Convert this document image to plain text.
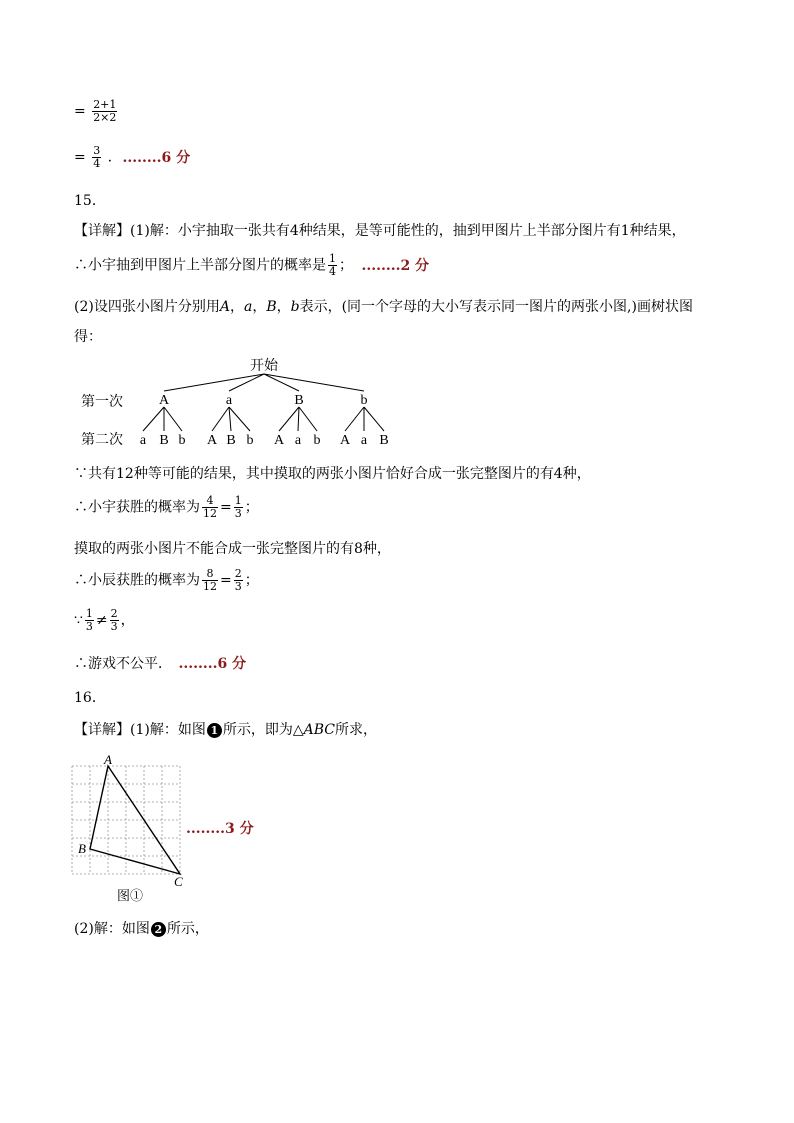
= $\frac{2+1}{2\times 2}$
= $\frac{3}{4}$ . ........6 分
15．
【详解】(1)解：小宇抽取一张共有4种结果，是等可能性的，抽到甲图片上半部分图片有1种结果，
∴小宇抽到甲图片上半部分图片的概率是 $\frac{1}{4}$ ； ........2 分
(2)设四张小图片分别用A，a，B，b表示，(同一个字母的大小写表示同一图片的两张小图,)画树状图
得：
开始
第一次
第二次
A	a	B	b
a B b A B b A a b A a B
∵共有12种等可能的结果，其中摸取的两张小图片恰好合成一张完整图片的有4种，
∴小宇获胜的概率为 $\frac{4}{12} = \frac{1}{3}$ ；
摸取的两张小图片不能合成一张完整图片的有8种，
∴小辰获胜的概率为 $\frac{8}{12} = \frac{2}{3}$ ；
∵ $\frac{1}{3} \ne \frac{2}{3}$ ，
∴游戏不公平． ........6 分
16．
【详解】(1)解：如图 1 所示，即为△ABC所求，
A
B
C
图①
........3 分
(2)解：如图 2 所示，
